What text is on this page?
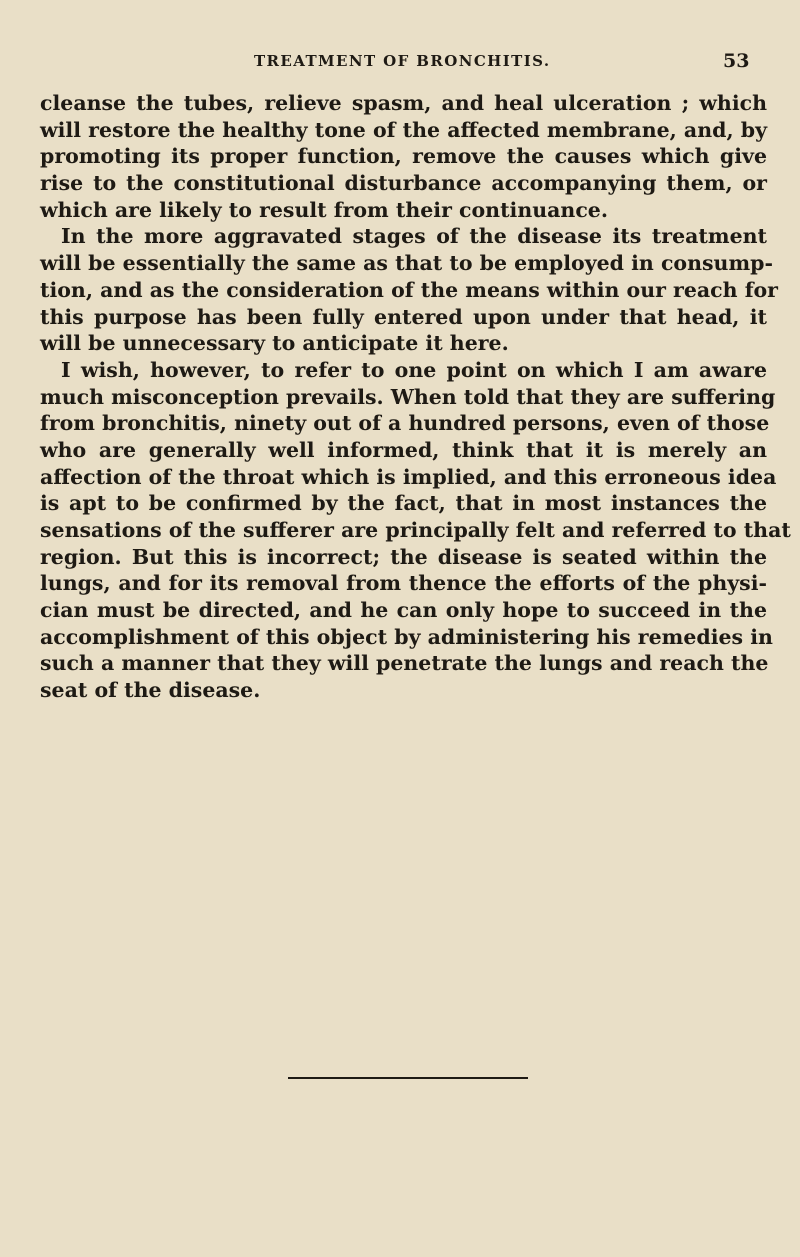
TREATMENT OF BRONCHITIS.	53
cleanse the tubes, relieve spasm, and heal ulceration ; which
will restore the healthy tone of the affected membrane, and, by
promoting its proper function, remove the causes which give
rise to the constitutional disturbance accompanying them, or
which are likely to result from their continuance.
In the more aggravated stages of the disease its treatment
will be essentially the same as that to be employed in consump-
tion, and as the consideration of the means within our reach for
this purpose has been fully entered upon under that head, it
will be unnecessary to anticipate it here.
I wish, however, to refer to one point on which I am aware
much misconception prevails. When told that they are suffering
from bronchitis, ninety out of a hundred persons, even of those
who are generally well informed, think that it is merely an
affection of the throat which is implied, and this erroneous idea
is apt to be confirmed by the fact, that in most instances the
sensations of the sufferer are principally felt and referred to that
region. But this is incorrect; the disease is seated within the
lungs, and for its removal from thence the efforts of the physi-
cian must be directed, and he can only hope to succeed in the
accomplishment of this object by administering his remedies in
such a manner that they will penetrate the lungs and reach the
seat of the disease.
